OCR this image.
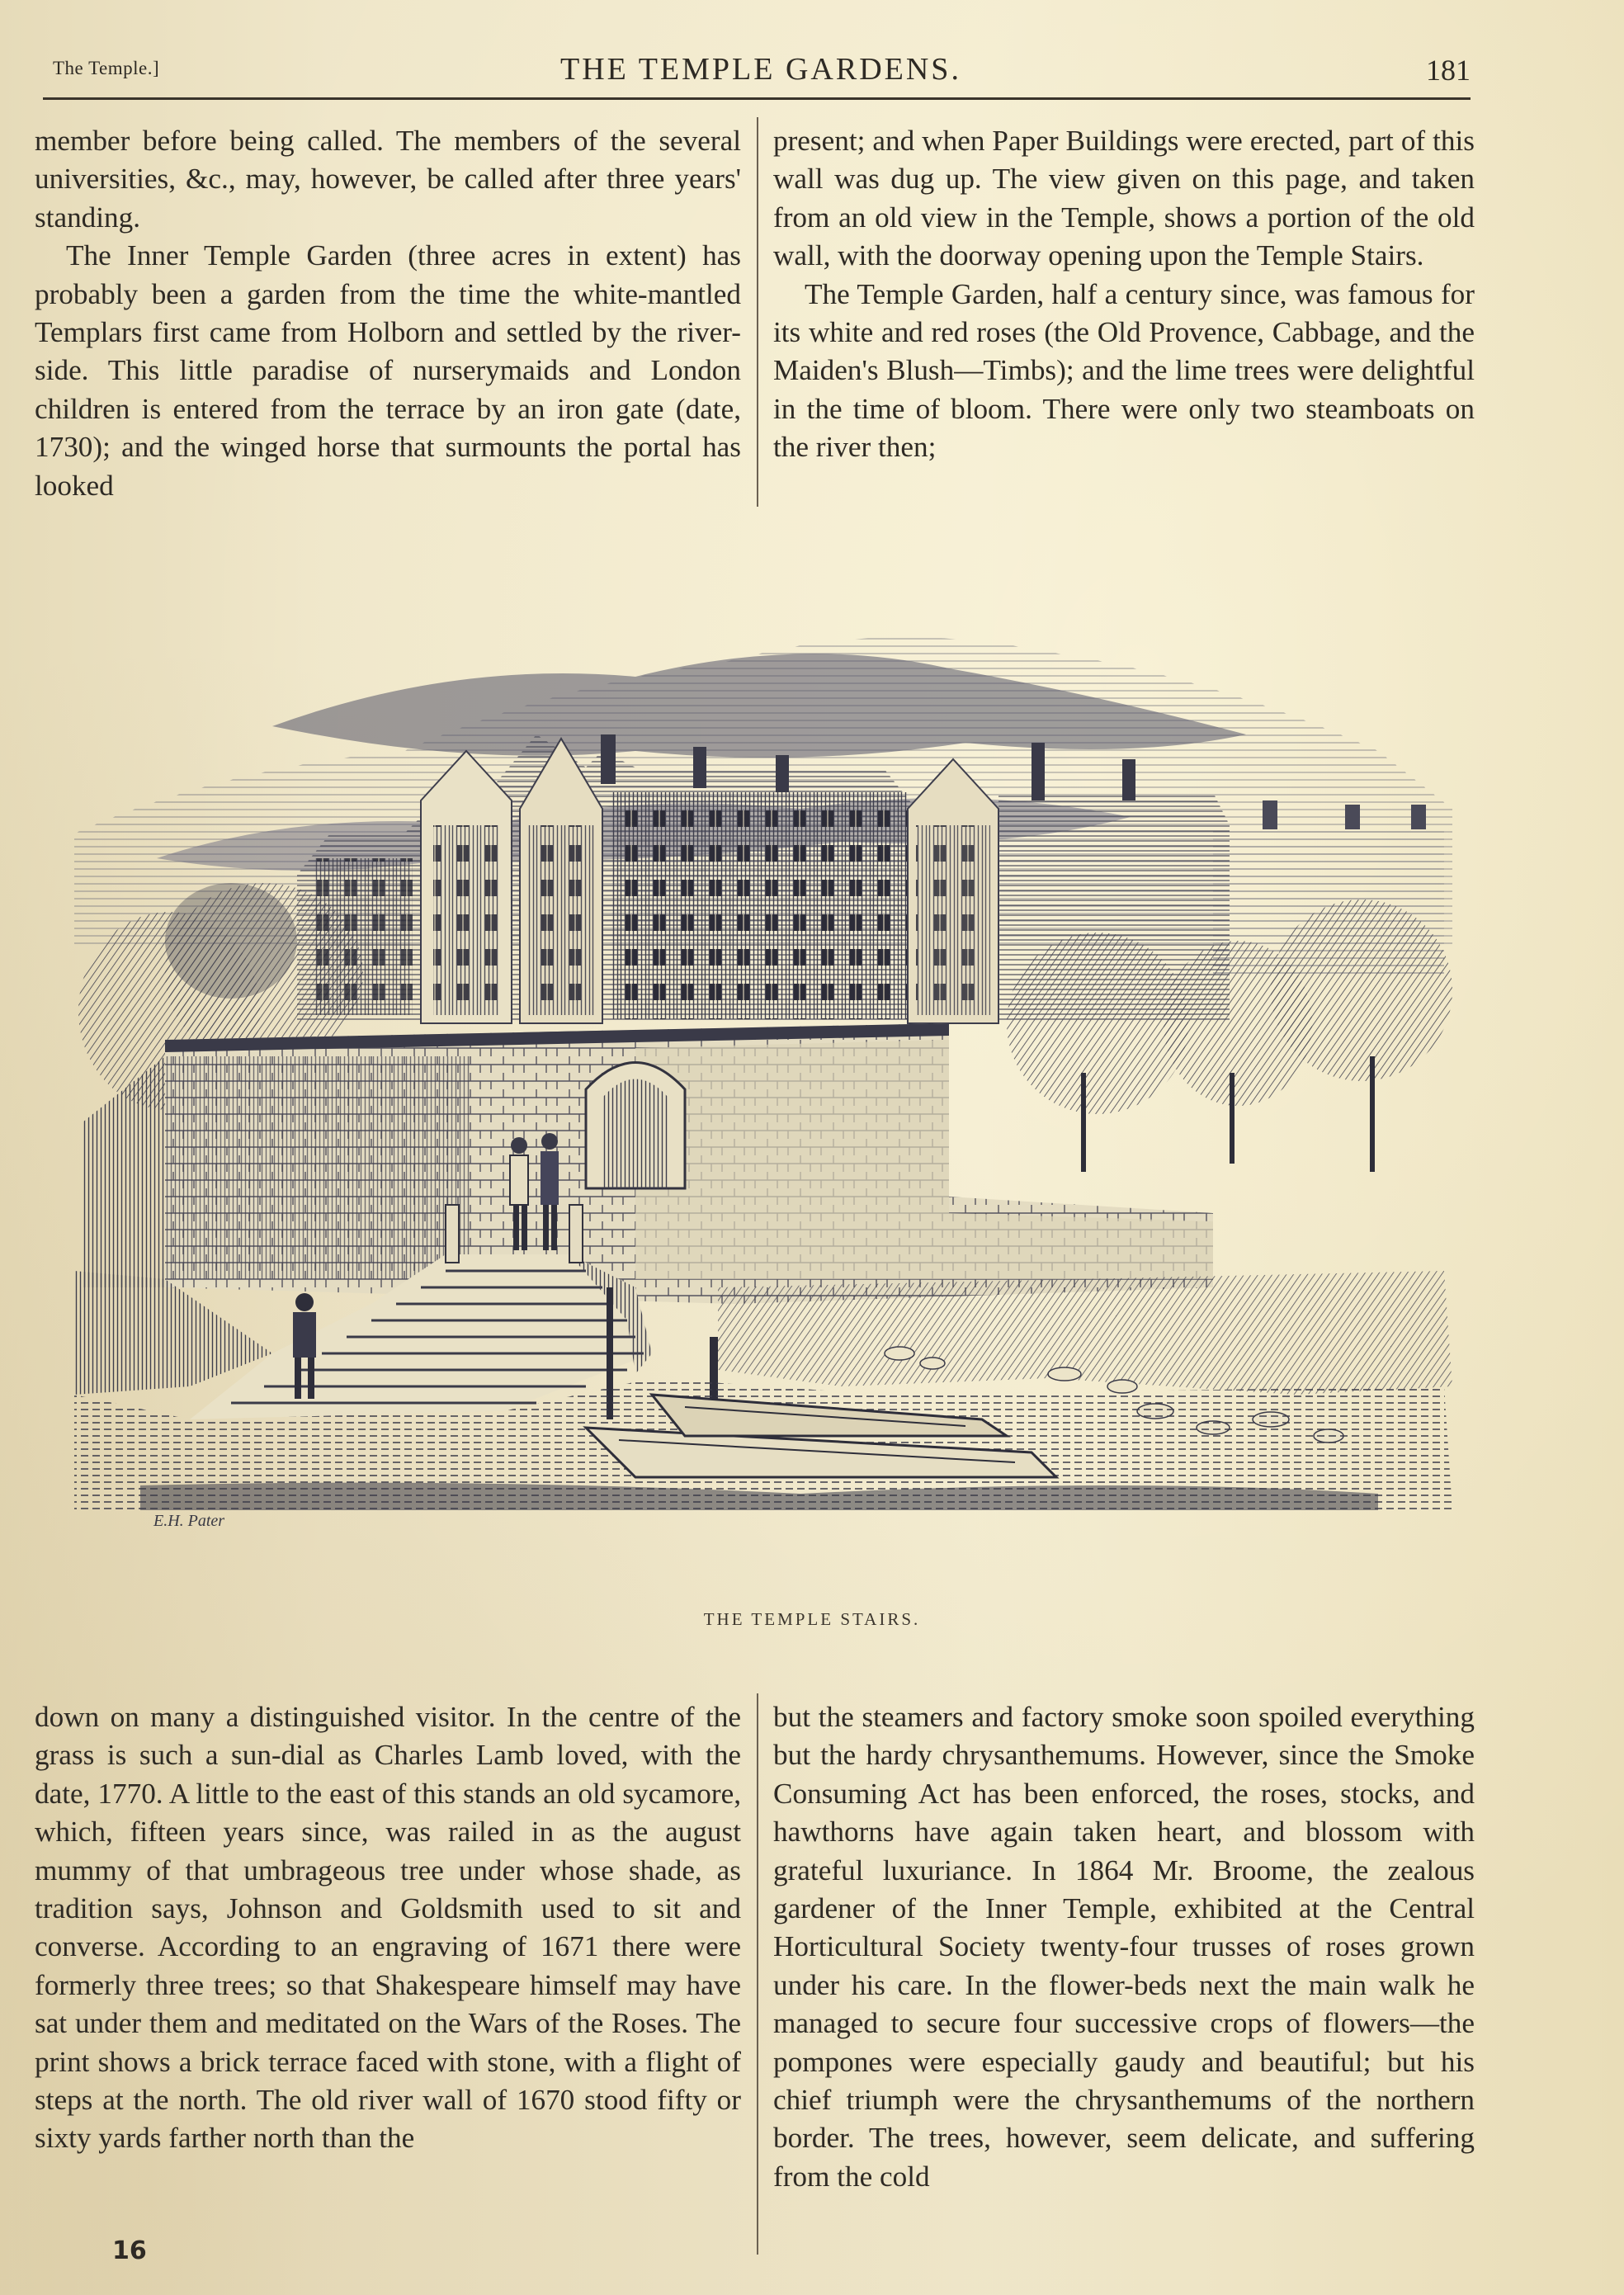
The Temple.]	THE TEMPLE GARDENS.	181

member before being called. The members of the several universities, &c., may, however, be called after three years' standing.

The Inner Temple Garden (three acres in extent) has probably been a garden from the time the white-mantled Templars first came from Holborn and settled by the river-side. This little paradise of nurserymaids and London children is entered from the terrace by an iron gate (date, 1730); and the winged horse that surmounts the portal has looked

present; and when Paper Buildings were erected, part of this wall was dug up. The view given on this page, and taken from an old view in the Temple, shows a portion of the old wall, with the doorway opening upon the Temple Stairs.

The Temple Garden, half a century since, was famous for its white and red roses (the Old Provence, Cabbage, and the Maiden's Blush—Timbs); and the lime trees were delightful in the time of bloom. There were only two steamboats on the river then;

E.H. Pater
THE TEMPLE STAIRS.

down on many a distinguished visitor. In the centre of the grass is such a sun-dial as Charles Lamb loved, with the date, 1770. A little to the east of this stands an old sycamore, which, fifteen years since, was railed in as the august mummy of that umbrageous tree under whose shade, as tradition says, Johnson and Goldsmith used to sit and converse. According to an engraving of 1671 there were formerly three trees; so that Shakespeare himself may have sat under them and meditated on the Wars of the Roses. The print shows a brick terrace faced with stone, with a flight of steps at the north. The old river wall of 1670 stood fifty or sixty yards farther north than the

but the steamers and factory smoke soon spoiled everything but the hardy chrysanthemums. However, since the Smoke Consuming Act has been enforced, the roses, stocks, and hawthorns have again taken heart, and blossom with grateful luxuriance. In 1864 Mr. Broome, the zealous gardener of the Inner Temple, exhibited at the Central Horticultural Society twenty-four trusses of roses grown under his care. In the flower-beds next the main walk he managed to secure four successive crops of flowers—the pompones were especially gaudy and beautiful; but his chief triumph were the chrysanthemums of the northern border. The trees, however, seem delicate, and suffering from the cold

16
